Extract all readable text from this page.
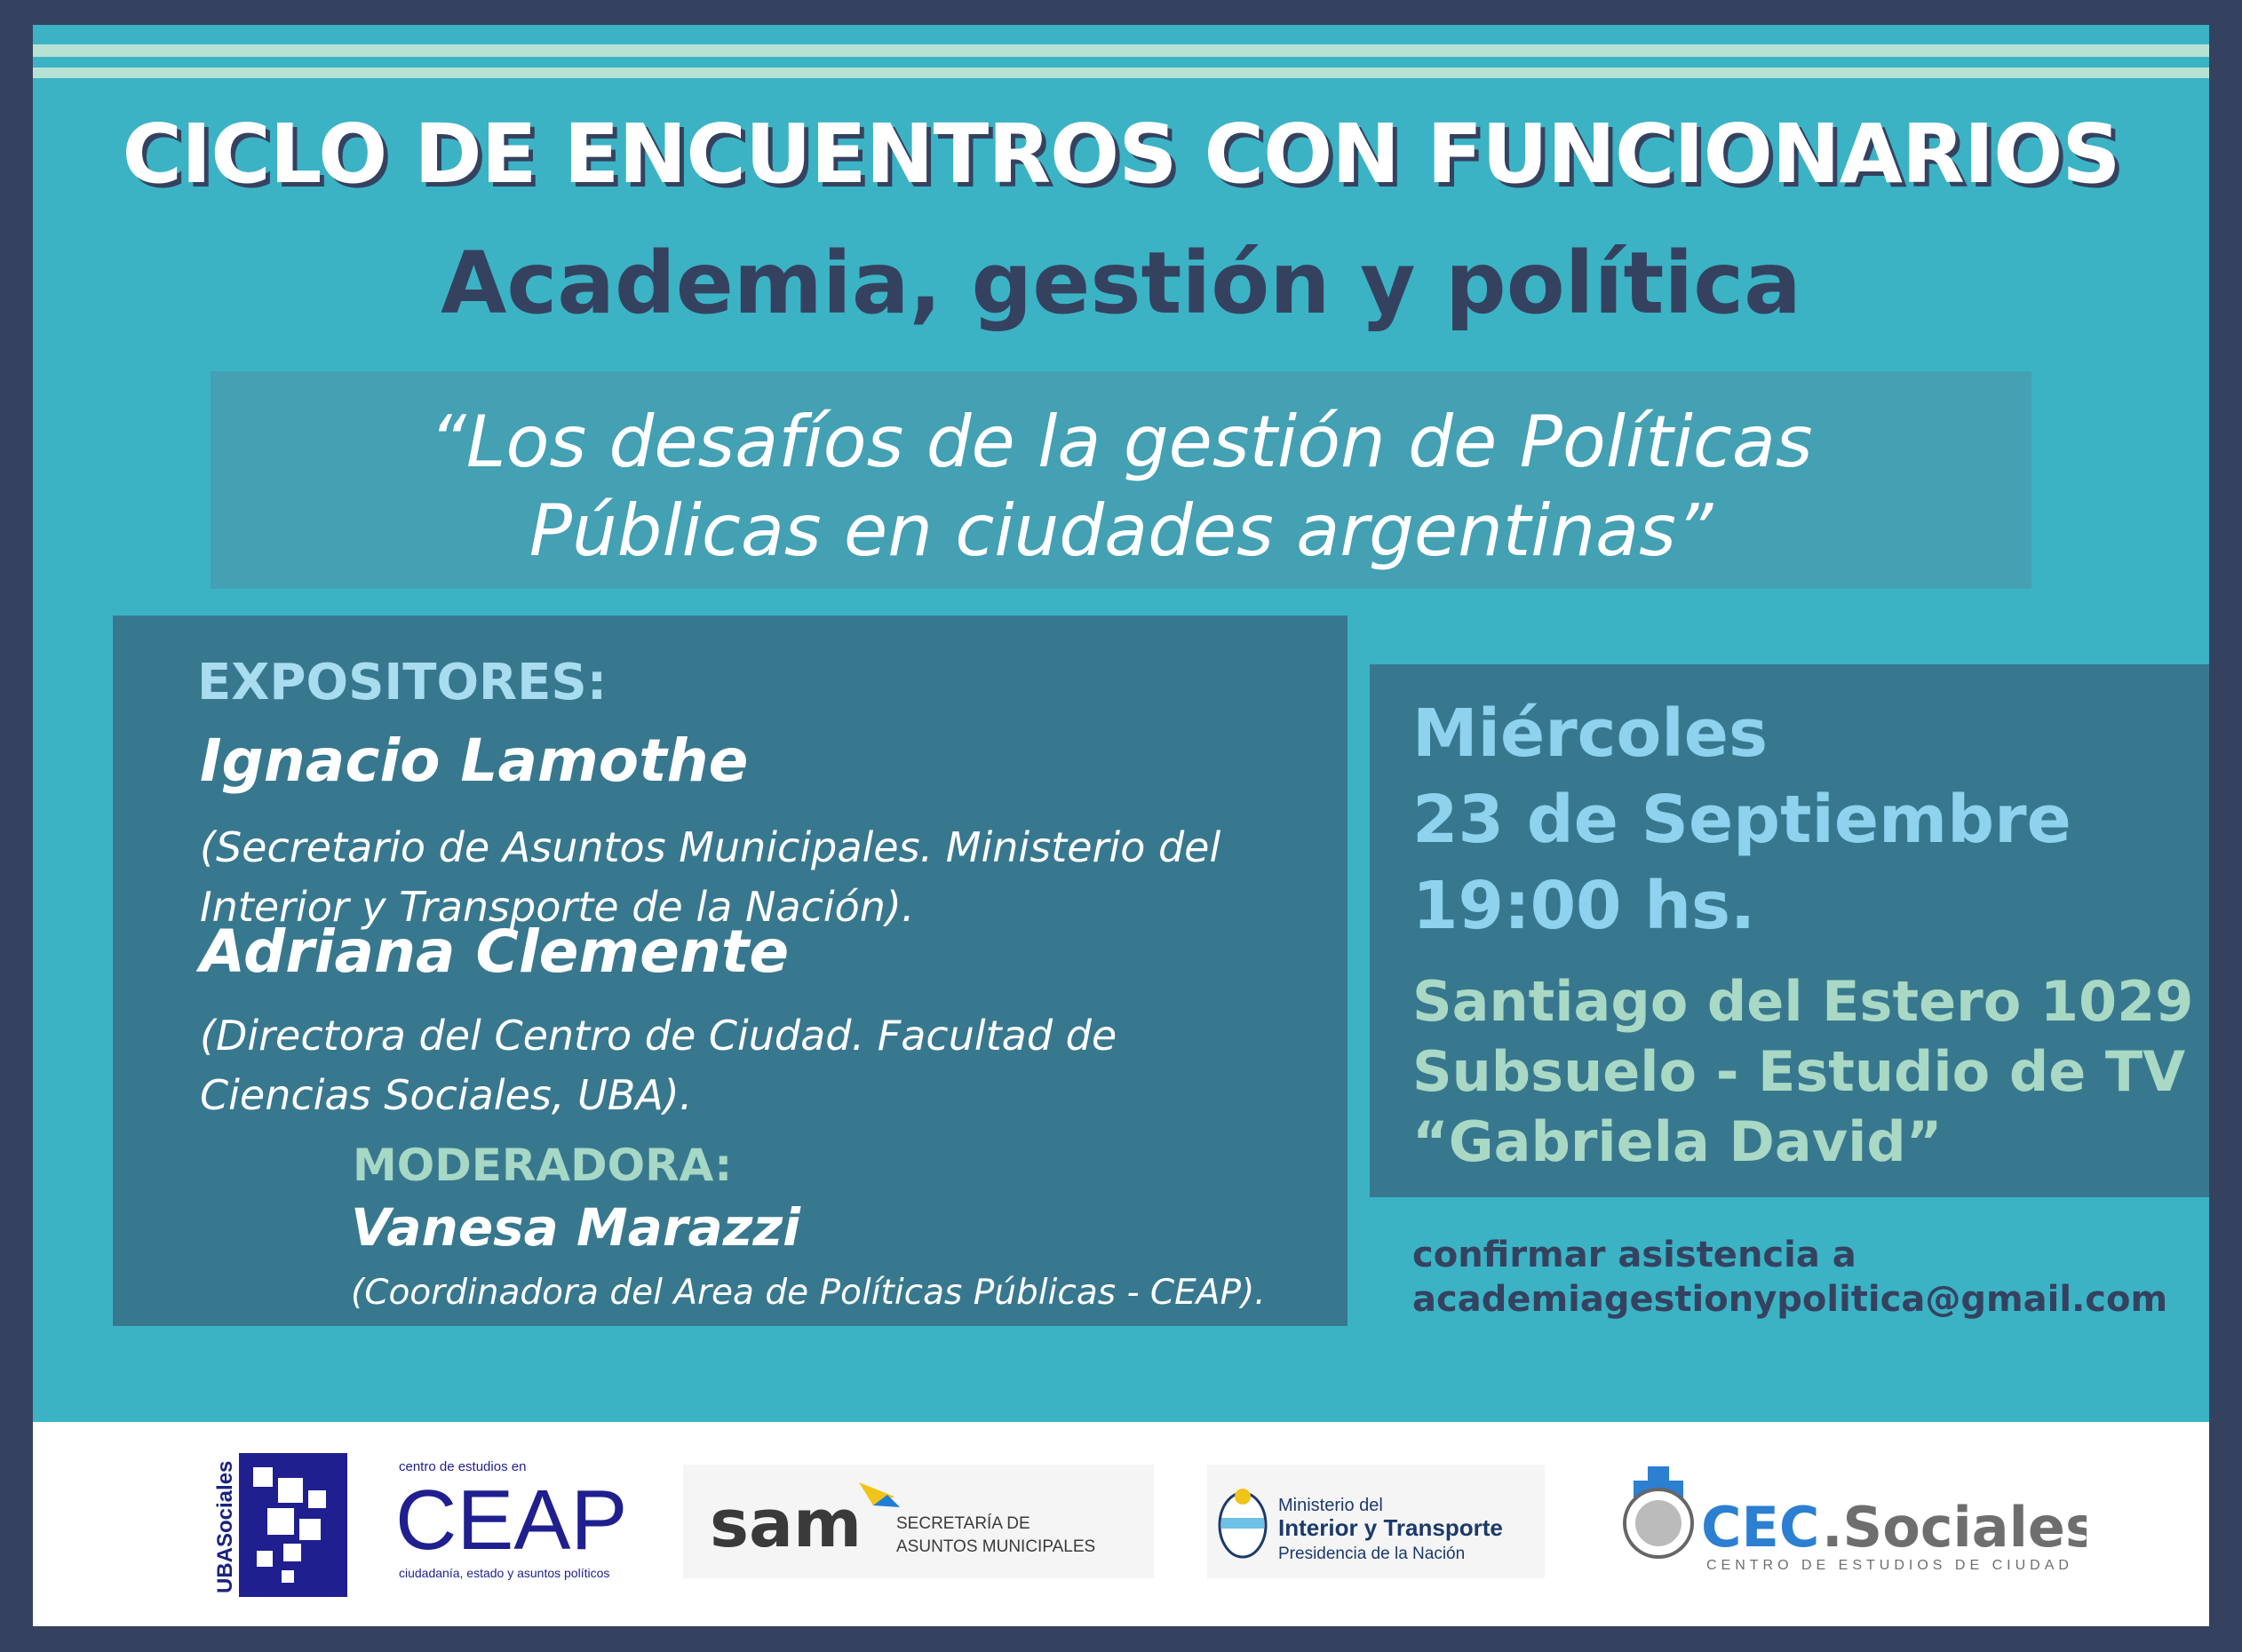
CICLO DE ENCUENTROS CON FUNCIONARIOS
Academia, gestión y política
“Los desafíos de la gestión de Políticas
Públicas en ciudades argentinas”
EXPOSITORES:
Ignacio Lamothe
(Secretario de Asuntos Municipales. Ministerio del
Interior y Transporte de la Nación).
Adriana Clemente
(Directora del Centro de Ciudad. Facultad de
Ciencias Sociales, UBA).
MODERADORA:
Vanesa Marazzi
(Coordinadora del Area de Políticas Públicas - CEAP).
Miércoles
23 de Septiembre
19:00 hs.
Santiago del Estero 1029
Subsuelo - Estudio de TV
“Gabriela David”
confirmar asistencia a
academiagestionypolitica@gmail.com
UBASociales	centro de estudios en
CEAP
ciudadanía, estado y asuntos políticos
sam SECRETARÍA DE
ASUNTOS MUNICIPALES
Ministerio del
Interior y Transporte
Presidencia de la Nación	CEC .Sociales
CENTRO DE ESTUDIOS DE CIUDAD
